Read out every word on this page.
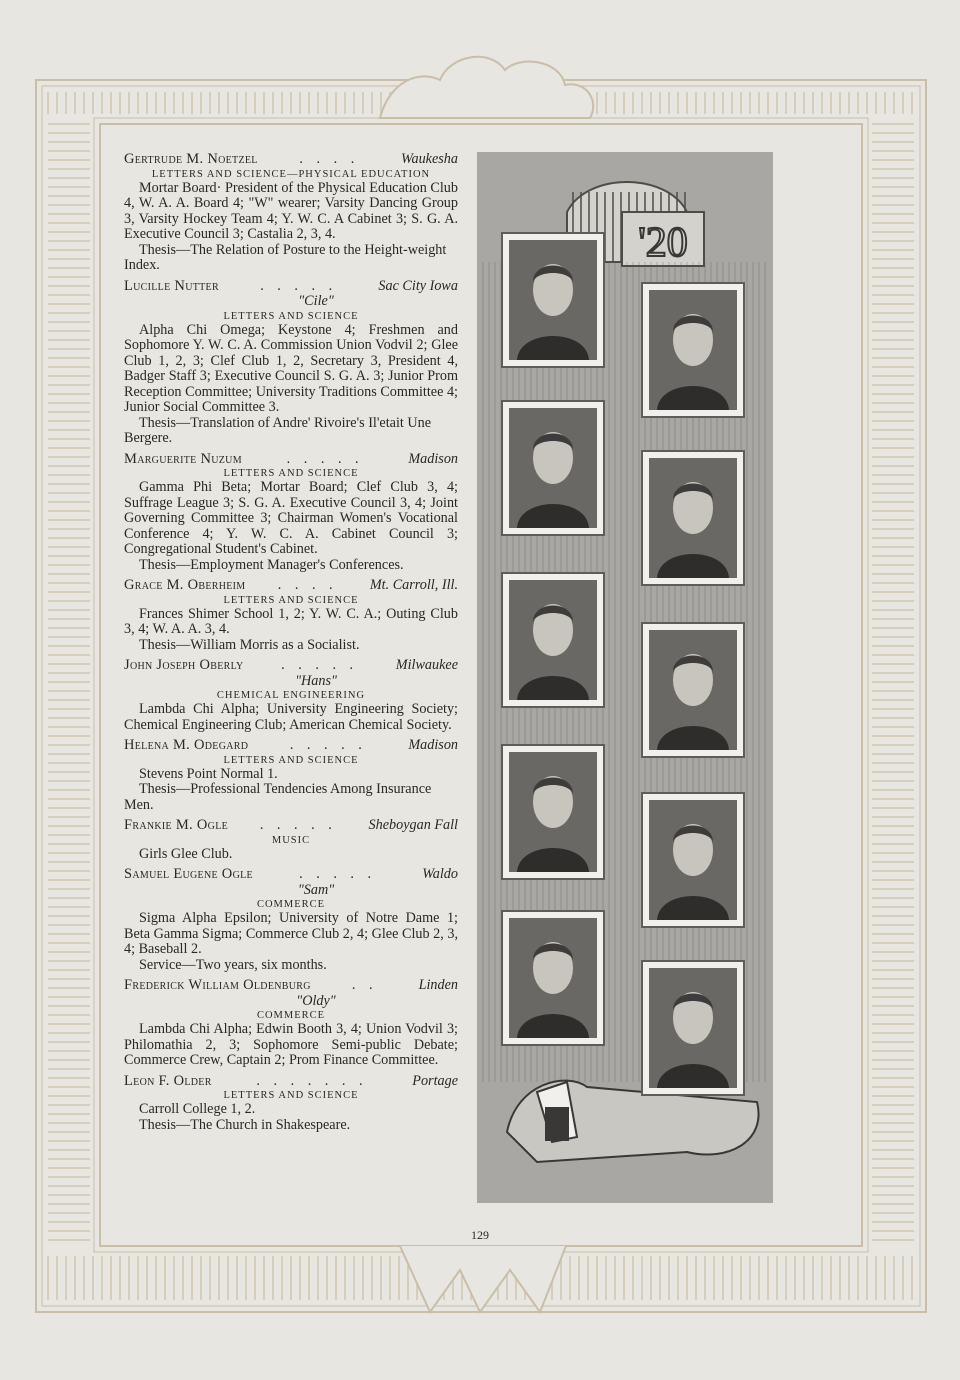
Gertrude M. Noetzel	. . . .	Waukesha
LETTERS AND SCIENCE—PHYSICAL EDUCATION
Mortar Board· President of the Physical Education Club 4, W. A. A. Board 4; "W" wearer; Varsity Dancing Group 3, Varsity Hockey Team 4; Y. W. C. A Cabinet 3; S. G. A. Executive Council 3; Castalia 2, 3, 4.
Thesis—The Relation of Posture to the Height-weight Index.
Lucille Nutter	. . . . .	Sac City Iowa
"Cile"
LETTERS AND SCIENCE
Alpha Chi Omega; Keystone 4; Freshmen and Sophomore Y. W. C. A. Commission Union Vodvil 2; Glee Club 1, 2, 3; Clef Club 1, 2, Secretary 3, President 4, Badger Staff 3; Executive Council S. G. A. 3; Junior Prom Reception Committee; University Traditions Committee 4; Junior Social Committee 3.
Thesis—Translation of Andre' Rivoire's Il'etait Une Bergere.
Marguerite Nuzum	. . . . .	Madison
LETTERS AND SCIENCE
Gamma Phi Beta; Mortar Board; Clef Club 3, 4; Suffrage League 3; S. G. A. Executive Council 3, 4; Joint Governing Committee 3; Chairman Women's Vocational Conference 4; Y. W. C. A. Cabinet Council 3; Congregational Student's Cabinet.
Thesis—Employment Manager's Conferences.
Grace M. Oberheim	. . . .	Mt. Carroll, Ill.
LETTERS AND SCIENCE
Frances Shimer School 1, 2; Y. W. C. A.; Outing Club 3, 4; W. A. A. 3, 4.
Thesis—William Morris as a Socialist.
John Joseph Oberly	. . . . .	Milwaukee
"Hans"
CHEMICAL ENGINEERING
Lambda Chi Alpha; University Engineering Society; Chemical Engineering Club; American Chemical Society.
Helena M. Odegard	. . . . .	Madison
LETTERS AND SCIENCE
Stevens Point Normal 1.
Thesis—Professional Tendencies Among Insurance Men.
Frankie M. Ogle	. . . . .	Sheboygan Fall
MUSIC
Girls Glee Club.
Samuel Eugene Ogle	. . . . .	Waldo
"Sam"
COMMERCE
Sigma Alpha Epsilon; University of Notre Dame 1; Beta Gamma Sigma; Commerce Club 2, 4; Glee Club 2, 3, 4; Baseball 2.
Service—Two years, six months.
Frederick William Oldenburg	. .	Linden
"Oldy"
COMMERCE
Lambda Chi Alpha; Edwin Booth 3, 4; Union Vodvil 3; Philomathia 2, 3; Sophomore Semi-public Debate; Commerce Crew, Captain 2; Prom Finance Committee.
Leon F. Older	. . . . . . .	Portage
LETTERS AND SCIENCE
Carroll College 1, 2.
Thesis—The Church in Shakespeare.
'20
129
